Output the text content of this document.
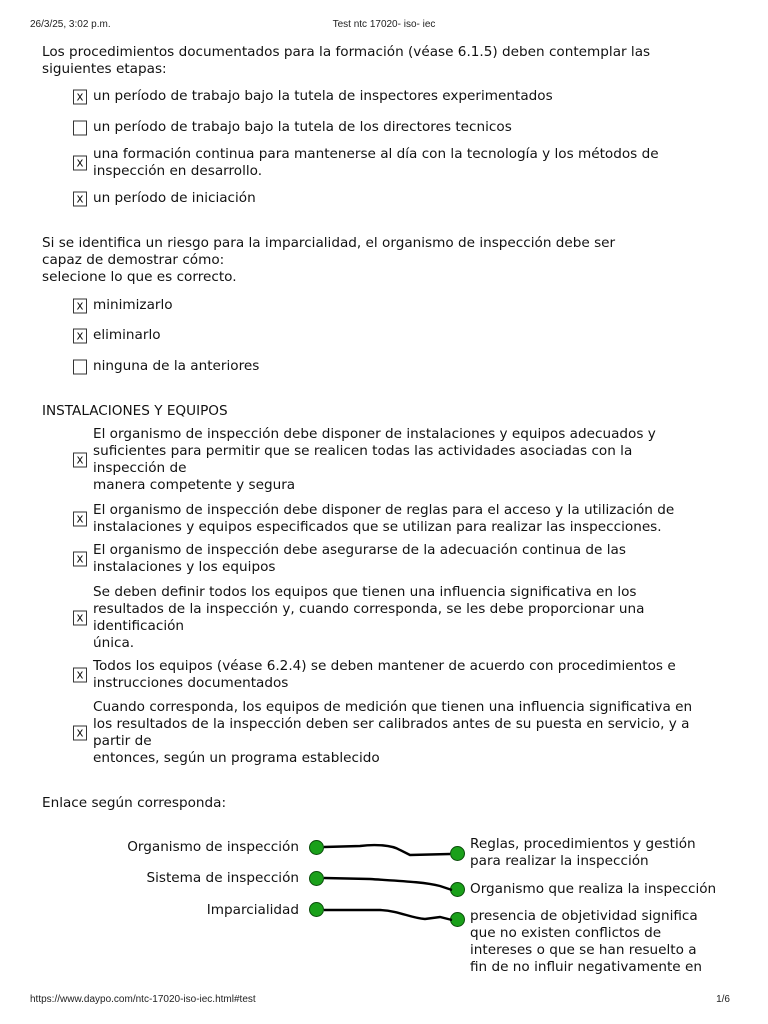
26/3/25, 3:02 p.m.	Test ntc 17020- iso- iec
Los procedimientos documentados para la formación (véase 6.1.5) deben contemplar las
siguientes etapas:
x un período de trabajo bajo la tutela de inspectores experimentados
un período de trabajo bajo la tutela de los directores tecnicos
x
una formación continua para mantenerse al día con la tecnología y los métodos de
inspección en desarrollo.
x un período de iniciación
Si se identifica un riesgo para la imparcialidad, el organismo de inspección debe ser
capaz de demostrar cómo:
selecione lo que es correcto.
x minimizarlo
x eliminarlo
ninguna de la anteriores
INSTALACIONES Y EQUIPOS
x
El organismo de inspección debe disponer de instalaciones y equipos adecuados y
suficientes para permitir que se realicen todas las actividades asociadas con la
inspección de
manera competente y segura
x
El organismo de inspección debe disponer de reglas para el acceso y la utilización de
instalaciones y equipos especificados que se utilizan para realizar las inspecciones.
x
El organismo de inspección debe asegurarse de la adecuación continua de las
instalaciones y los equipos
x
Se deben definir todos los equipos que tienen una influencia significativa en los
resultados de la inspección y, cuando corresponda, se les debe proporcionar una
identificación
única.
x
Todos los equipos (véase 6.2.4) se deben mantener de acuerdo con procedimientos e
instrucciones documentados
x
Cuando corresponda, los equipos de medición que tienen una influencia significativa en
los resultados de la inspección deben ser calibrados antes de su puesta en servicio, y a
partir de
entonces, según un programa establecido
Enlace según corresponda:
Organismo de inspección
Sistema de inspección
Imparcialidad
Reglas, procedimientos y gestión
para realizar la inspección
Organismo que realiza la inspección
presencia de objetividad significa
que no existen conflictos de
intereses o que se han resuelto a
fin de no influir negativamente en
https://www.daypo.com/ntc-17020-iso-iec.html#test	1/6
